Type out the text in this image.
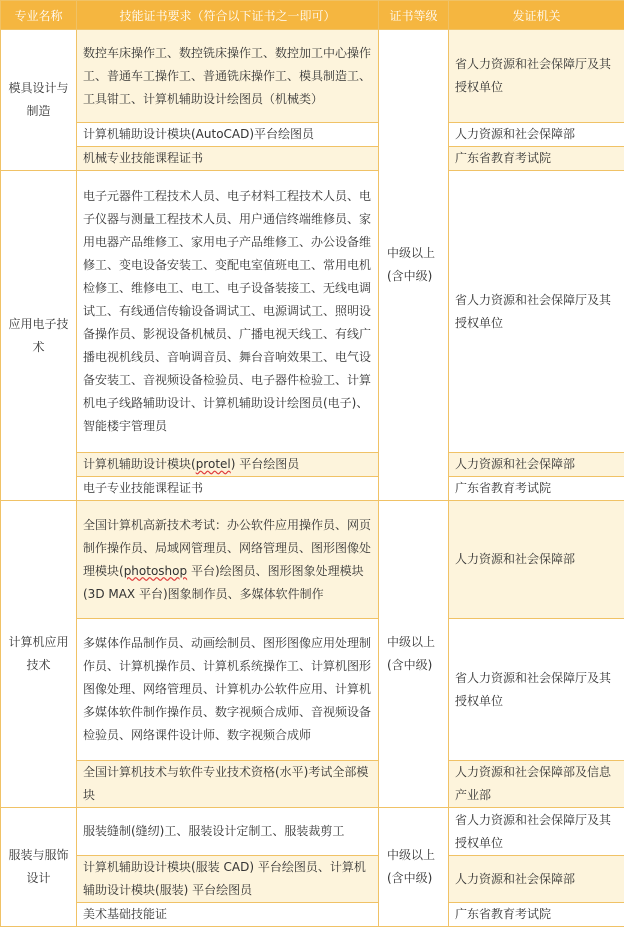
专业名称	技能证书要求（符合以下证书之一即可）	证书等级	发证机关
模具设计与制造	数控车床操作工、数控铣床操作工、数控加工中心操作工、普通车工操作工、普通铣床操作工、模具制造工、工具钳工、计算机辅助设计绘图员（机械类）	中级以上(含中级)	省人力资源和社会保障厅及其授权单位
	计算机辅助设计模块(AutoCAD)平台绘图员		人力资源和社会保障部
	机械专业技能课程证书		广东省教育考试院
应用电子技术	电子元器件工程技术人员、电子材料工程技术人员、电子仪器与测量工程技术人员、用户通信终端维修员、家用电器产品维修工、家用电子产品维修工、办公设备维修工、变电设备安装工、变配电室值班电工、常用电机检修工、维修电工、电工、电子设备装接工、无线电调试工、有线通信传输设备调试工、电源调试工、照明设备操作员、影视设备机械员、广播电视天线工、有线广播电视机线员、音响调音员、舞台音响效果工、电气设备安装工、音视频设备检验员、电子器件检验工、计算机电子线路辅助设计、计算机辅助设计绘图员(电子)、智能楼宇管理员		省人力资源和社会保障厅及其授权单位
	计算机辅助设计模块(protel) 平台绘图员		人力资源和社会保障部
	电子专业技能课程证书		广东省教育考试院
计算机应用技术	全国计算机高新技术考试：办公软件应用操作员、网页制作操作员、局域网管理员、网络管理员、图形图像处理模块(photoshop 平台)绘图员、图形图象处理模块(3D MAX 平台)图象制作员、多媒体软件制作	中级以上(含中级)	人力资源和社会保障部
	多媒体作品制作员、动画绘制员、图形图像应用处理制作员、计算机操作员、计算机系统操作工、计算机图形图像处理、网络管理员、计算机办公软件应用、计算机多媒体软件制作操作员、数字视频合成师、音视频设备检验员、网络课件设计师、数字视频合成师		省人力资源和社会保障厅及其授权单位
	全国计算机技术与软件专业技术资格(水平)考试全部模块		人力资源和社会保障部及信息产业部
服装与服饰设计	服装缝制(缝纫)工、服装设计定制工、服装裁剪工	中级以上(含中级)	省人力资源和社会保障厅及其授权单位
	计算机辅助设计模块(服装 CAD) 平台绘图员、计算机辅助设计模块(服装) 平台绘图员		人力资源和社会保障部
	美术基础技能证		广东省教育考试院
